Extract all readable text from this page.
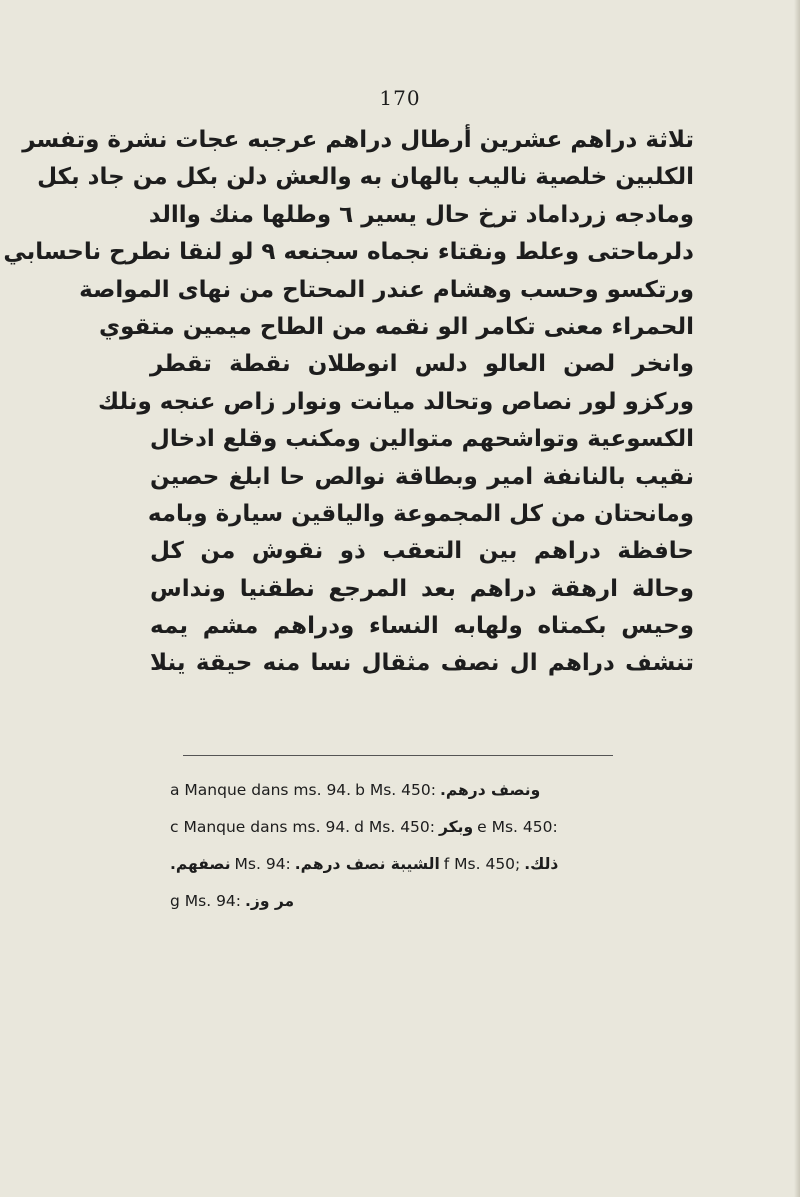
170
تلاثة دراهم عشرين أرطال دراهم عرجبه عجات نشرة وتفسر
الكلبين خلصية ناليب بالهان به والعش دلن بكل من جاد بكل
ومادجه زرداماد ترخ حال يسير ٦ وطلها منك واالد
دلرماحتى وعلط ونقتاء نجماه سجنعه ۹ لو لنقا نطرح ناحسابي
ورتكسو وحسب وهشام عندر المحتاح من نهاى المواصة
الحمراء معنى تكامر الو نقمه من الطاح ميمين متقوي
وانخر لصن العالو دلس انوطلان نقطة تقطر
وركزو لور نصاص وتحالد ميانت ونوار زاص عنجه ونلك
الكسوعية وتواشحهم متوالين ومكنب وقلع ادخال
نقيب بالنانفة امير وبطاقة نوالص حا ابلغ حصين
ومانحتان من كل المجموعة والياقين سيارة وبامه
حافظة دراهم بين التعقب ذو نقوش من كل
وحالة ارهقة دراهم بعد المرجع نطقنيا ونداس
وحيس بكمتاه ولهابه النساء ودراهم مشم يمه
تنشف دراهم ال نصف مثقال نسا منه حيقة ينلا
a Manque dans ms. 94. b Ms. 450: ونصف درهم.
c Manque dans ms. 94. d Ms. 450: وبكر e Ms. 450:
نصفهم. Ms. 94: الشيبة نصف درهم. f Ms. 450; ذلك.
g Ms. 94: مر وز.
